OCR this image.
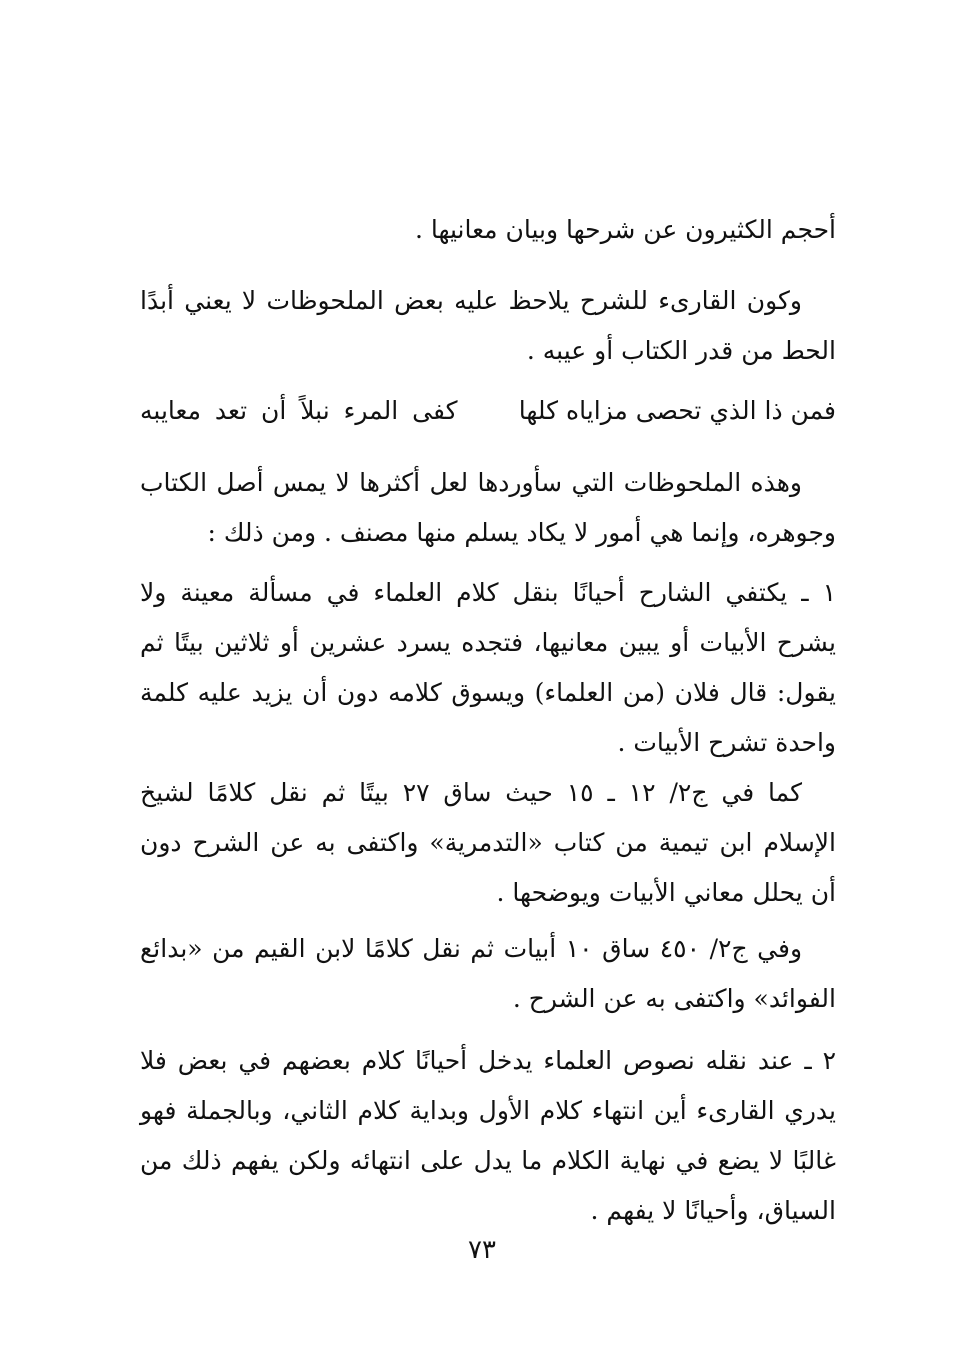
أحجم الكثيرون عن شرحها وبيان معانيها .

وكون القارىء للشرح يلاحظ عليه بعض الملحوظات لا يعني أبدًا الحط من قدر الكتاب أو عيبه .

فمن ذا الذي تحصى مزاياه كلها
كفى المرء نبلاً أن تعد معايبه

وهذه الملحوظات التي سأوردها لعل أكثرها لا يمس أصل الكتاب وجوهره، وإنما هي أمور لا يكاد يسلم منها مصنف . ومن ذلك :

١ ـ يكتفي الشارح أحيانًا بنقل كلام العلماء في مسألة معينة ولا يشرح الأبيات أو يبين معانيها، فتجده يسرد عشرين أو ثلاثين بيتًا ثم يقول: قال فلان (من العلماء) ويسوق كلامه دون أن يزيد عليه كلمة واحدة تشرح الأبيات .

كما في ج٢/ ١٢ ـ ١٥ حيث ساق ٢٧ بيتًا ثم نقل كلامًا لشيخ الإسلام ابن تيمية من كتاب «التدمرية» واكتفى به عن الشرح دون أن يحلل معاني الأبيات ويوضحها .

وفي ج٢/ ٤٥٠ ساق ١٠ أبيات ثم نقل كلامًا لابن القيم من «بدائع الفوائد» واكتفى به عن الشرح .

٢ ـ عند نقله نصوص العلماء يدخل أحيانًا كلام بعضهم في بعض فلا يدري القارىء أين انتهاء كلام الأول وبداية كلام الثاني، وبالجملة فهو غالبًا لا يضع في نهاية الكلام ما يدل على انتهائه ولكن يفهم ذلك من السياق، وأحيانًا لا يفهم .

٧٣
